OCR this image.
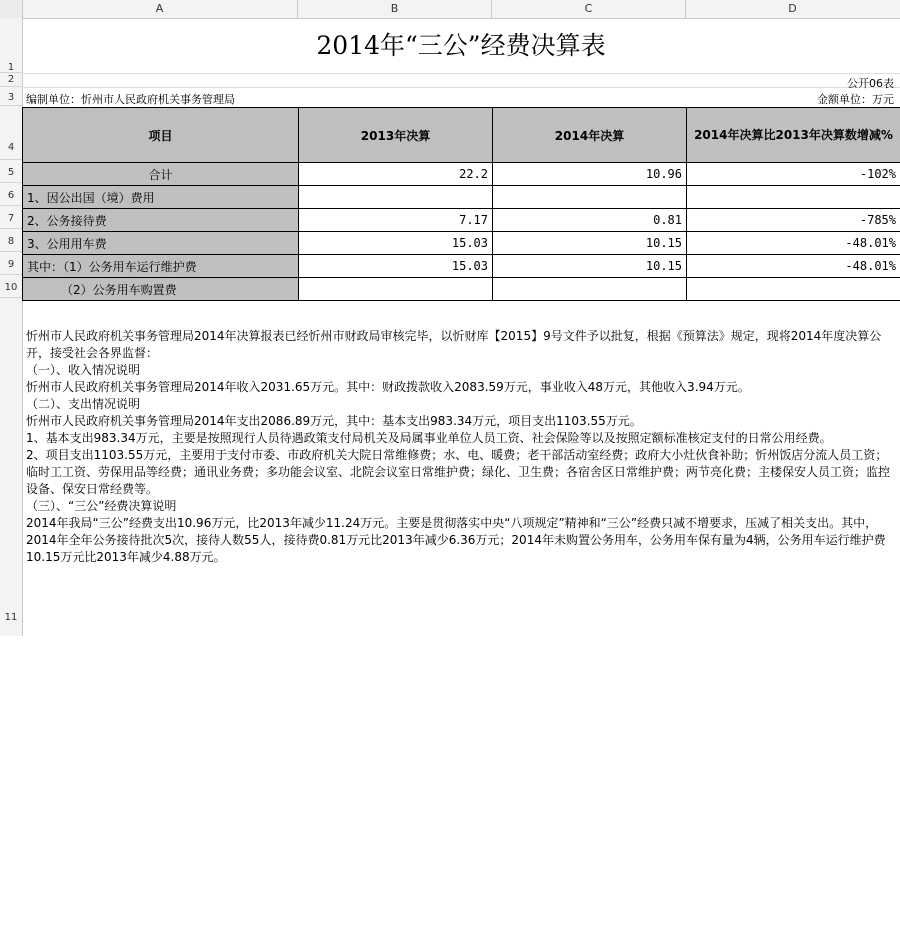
A	B	C	D
1
2
3
4
5
6
7
8
9
10
11
2014年“三公”经费决算表
公开06表
编制单位：忻州市人民政府机关事务管理局	金额单位：万元
项目	2013年决算	2014年决算	2014年决算比2013年决算数增减%
合计	22.2	10.96	-102%
1、因公出国（境）费用			
2、公务接待费	7.17	0.81	-785%
3、公用用车费	15.03	10.15	-48.01%
其中：（1）公务用车运行维护费	15.03	10.15	-48.01%
（2）公务用车购置费			

忻州市人民政府机关事务管理局2014年决算报表已经忻州市财政局审核完毕，以忻财库【2015】9号文件予以批复，根据《预算法》规定，现将2014年度决算公开，接受社会各界监督：

（一）、收入情况说明

忻州市人民政府机关事务管理局2014年收入2031.65万元。其中：财政拨款收入2083.59万元，事业收入48万元，其他收入3.94万元。

（二）、支出情况说明

忻州市人民政府机关事务管理局2014年支出2086.89万元，其中：基本支出983.34万元，项目支出1103.55万元。

1、基本支出983.34万元，主要是按照现行人员待遇政策支付局机关及局属事业单位人员工资、社会保险等以及按照定额标准核定支付的日常公用经费。

2、项目支出1103.55万元，主要用于支付市委、市政府机关大院日常维修费；水、电、暖费；老干部活动室经费；政府大小灶伙食补助；忻州饭店分流人员工资；临时工工资、劳保用品等经费；通讯业务费；多功能会议室、北院会议室日常维护费；绿化、卫生费；各宿舍区日常维护费；两节亮化费；主楼保安人员工资；监控设备、保安日常经费等。

（三）、“三公”经费决算说明

2014年我局“三公”经费支出10.96万元，比2013年减少11.24万元。主要是贯彻落实中央“八项规定”精神和“三公”经费只减不增要求，压减了相关支出。其中，2014年全年公务接待批次5次，接待人数55人，接待费0.81万元比2013年减少6.36万元；2014年未购置公务用车，公务用车保有量为4辆，公务用车运行维护费10.15万元比2013年减少4.88万元。
